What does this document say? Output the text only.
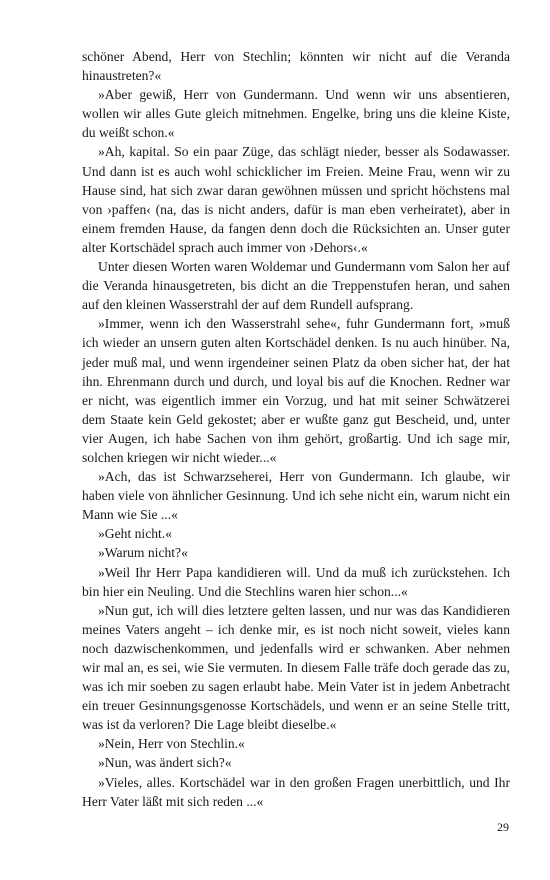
schöner Abend, Herr von Stechlin; könnten wir nicht auf die Veranda hinaustreten?«

»Aber gewiß, Herr von Gundermann. Und wenn wir uns absentieren, wollen wir alles Gute gleich mitnehmen. Engelke, bring uns die kleine Kiste, du weißt schon.«

»Ah, kapital. So ein paar Züge, das schlägt nieder, besser als Sodawasser. Und dann ist es auch wohl schicklicher im Freien. Meine Frau, wenn wir zu Hause sind, hat sich zwar daran gewöhnen müssen und spricht höchstens mal von ›paffen‹ (na, das is nicht anders, dafür is man eben verheiratet), aber in einem fremden Hause, da fangen denn doch die Rücksichten an. Unser guter alter Kortschädel sprach auch immer von ›Dehors‹.«

Unter diesen Worten waren Woldemar und Gundermann vom Salon her auf die Veranda hinausgetreten, bis dicht an die Treppenstufen heran, und sahen auf den kleinen Wasserstrahl der auf dem Rundell aufsprang.

»Immer, wenn ich den Wasserstrahl sehe«, fuhr Gundermann fort, »muß ich wieder an unsern guten alten Kortschädel denken. Is nu auch hinüber. Na, jeder muß mal, und wenn irgendeiner seinen Platz da oben sicher hat, der hat ihn. Ehrenmann durch und durch, und loyal bis auf die Knochen. Redner war er nicht, was eigentlich immer ein Vorzug, und hat mit seiner Schwätzerei dem Staate kein Geld gekostet; aber er wußte ganz gut Bescheid, und, unter vier Augen, ich habe Sachen von ihm gehört, großartig. Und ich sage mir, solchen kriegen wir nicht wieder...«

»Ach, das ist Schwarzseherei, Herr von Gundermann. Ich glaube, wir haben viele von ähnlicher Gesinnung. Und ich sehe nicht ein, warum nicht ein Mann wie Sie ...«

»Geht nicht.«

»Warum nicht?«

»Weil Ihr Herr Papa kandidieren will. Und da muß ich zurückstehen. Ich bin hier ein Neuling. Und die Stechlins waren hier schon...«

»Nun gut, ich will dies letztere gelten lassen, und nur was das Kandidieren meines Vaters angeht – ich denke mir, es ist noch nicht soweit, vieles kann noch dazwischenkommen, und jedenfalls wird er schwanken. Aber nehmen wir mal an, es sei, wie Sie vermuten. In diesem Falle träfe doch gerade das zu, was ich mir soeben zu sagen erlaubt habe. Mein Vater ist in jedem Anbetracht ein treuer Gesinnungsgenosse Kortschädels, und wenn er an seine Stelle tritt, was ist da verloren? Die Lage bleibt dieselbe.«

»Nein, Herr von Stechlin.«

»Nun, was ändert sich?«

»Vieles, alles. Kortschädel war in den großen Fragen unerbittlich, und Ihr Herr Vater läßt mit sich reden ...«

29
